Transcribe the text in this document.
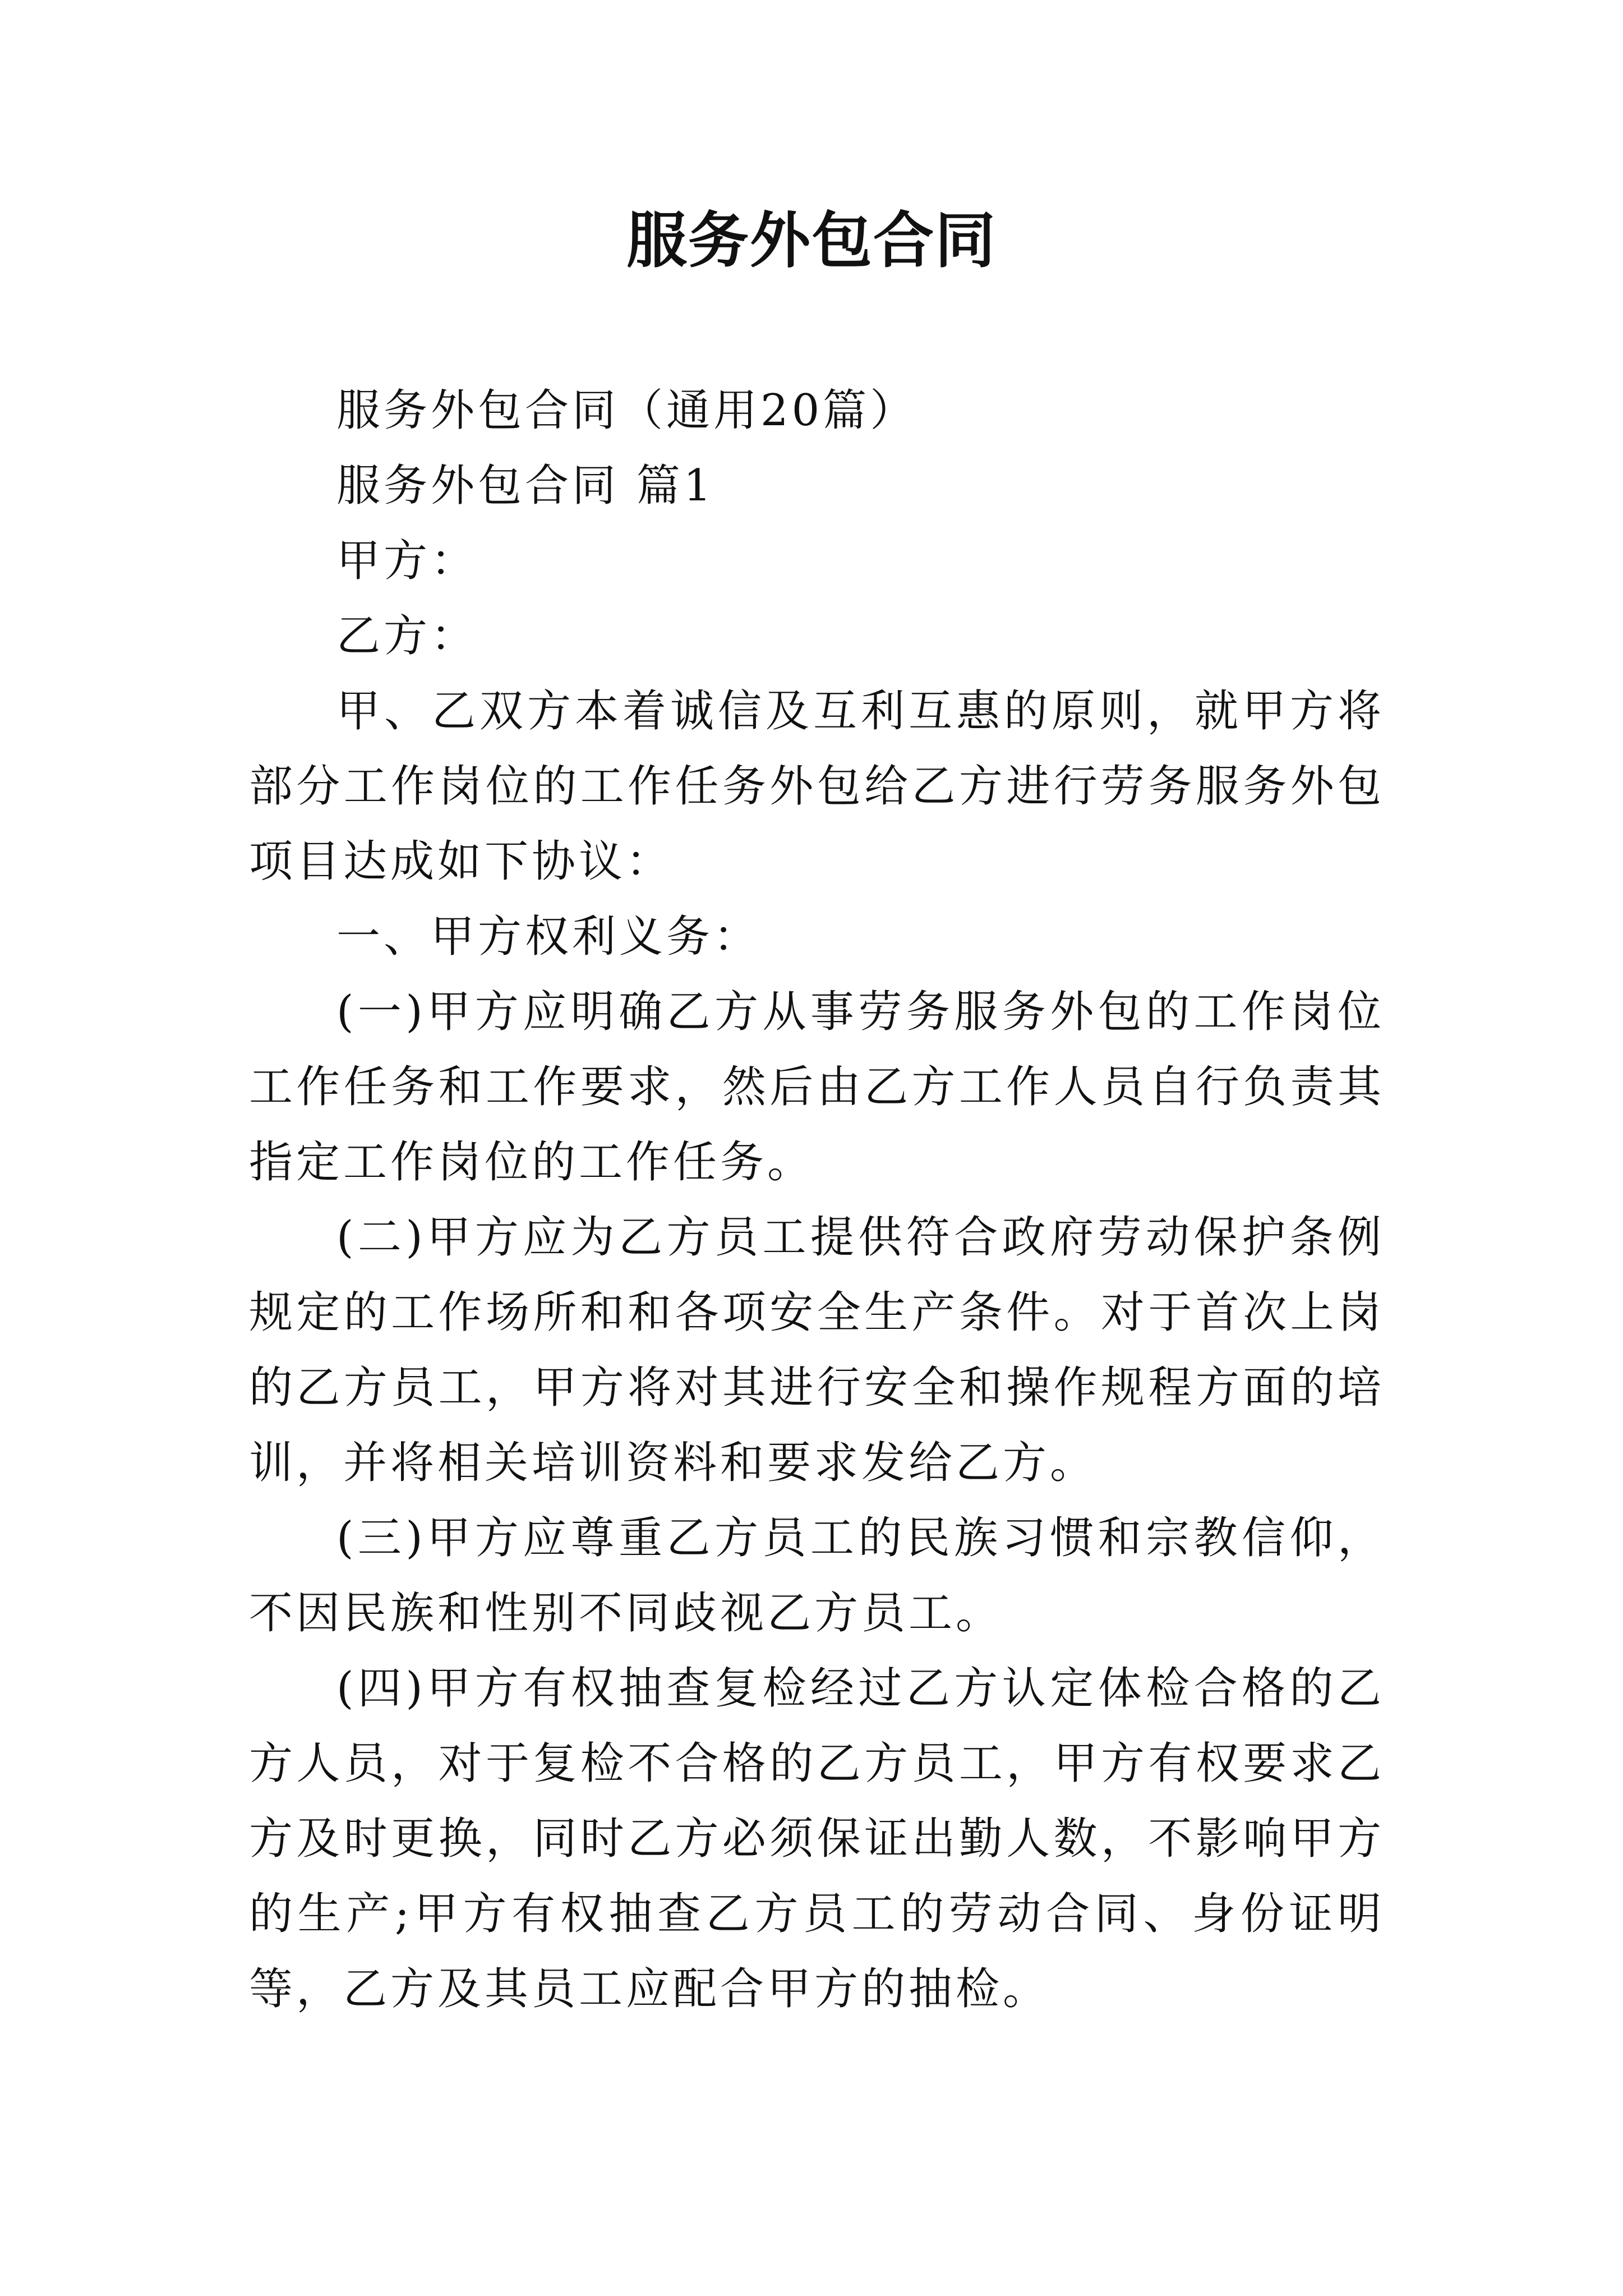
服务外包合同

服务外包合同（通用20篇）

服务外包合同 篇1

甲方：

乙方：

甲、乙双方本着诚信及互利互惠的原则，就甲方将部分工作岗位的工作任务外包给乙方进行劳务服务外包项目达成如下协议：

一、甲方权利义务：

(一)甲方应明确乙方从事劳务服务外包的工作岗位工作任务和工作要求，然后由乙方工作人员自行负责其指定工作岗位的工作任务。

(二)甲方应为乙方员工提供符合政府劳动保护条例规定的工作场所和和各项安全生产条件。对于首次上岗的乙方员工，甲方将对其进行安全和操作规程方面的培训，并将相关培训资料和要求发给乙方。

(三)甲方应尊重乙方员工的民族习惯和宗教信仰，不因民族和性别不同歧视乙方员工。

(四)甲方有权抽查复检经过乙方认定体检合格的乙方人员，对于复检不合格的乙方员工，甲方有权要求乙方及时更换，同时乙方必须保证出勤人数，不影响甲方的生产;甲方有权抽查乙方员工的劳动合同、身份证明等，乙方及其员工应配合甲方的抽检。
